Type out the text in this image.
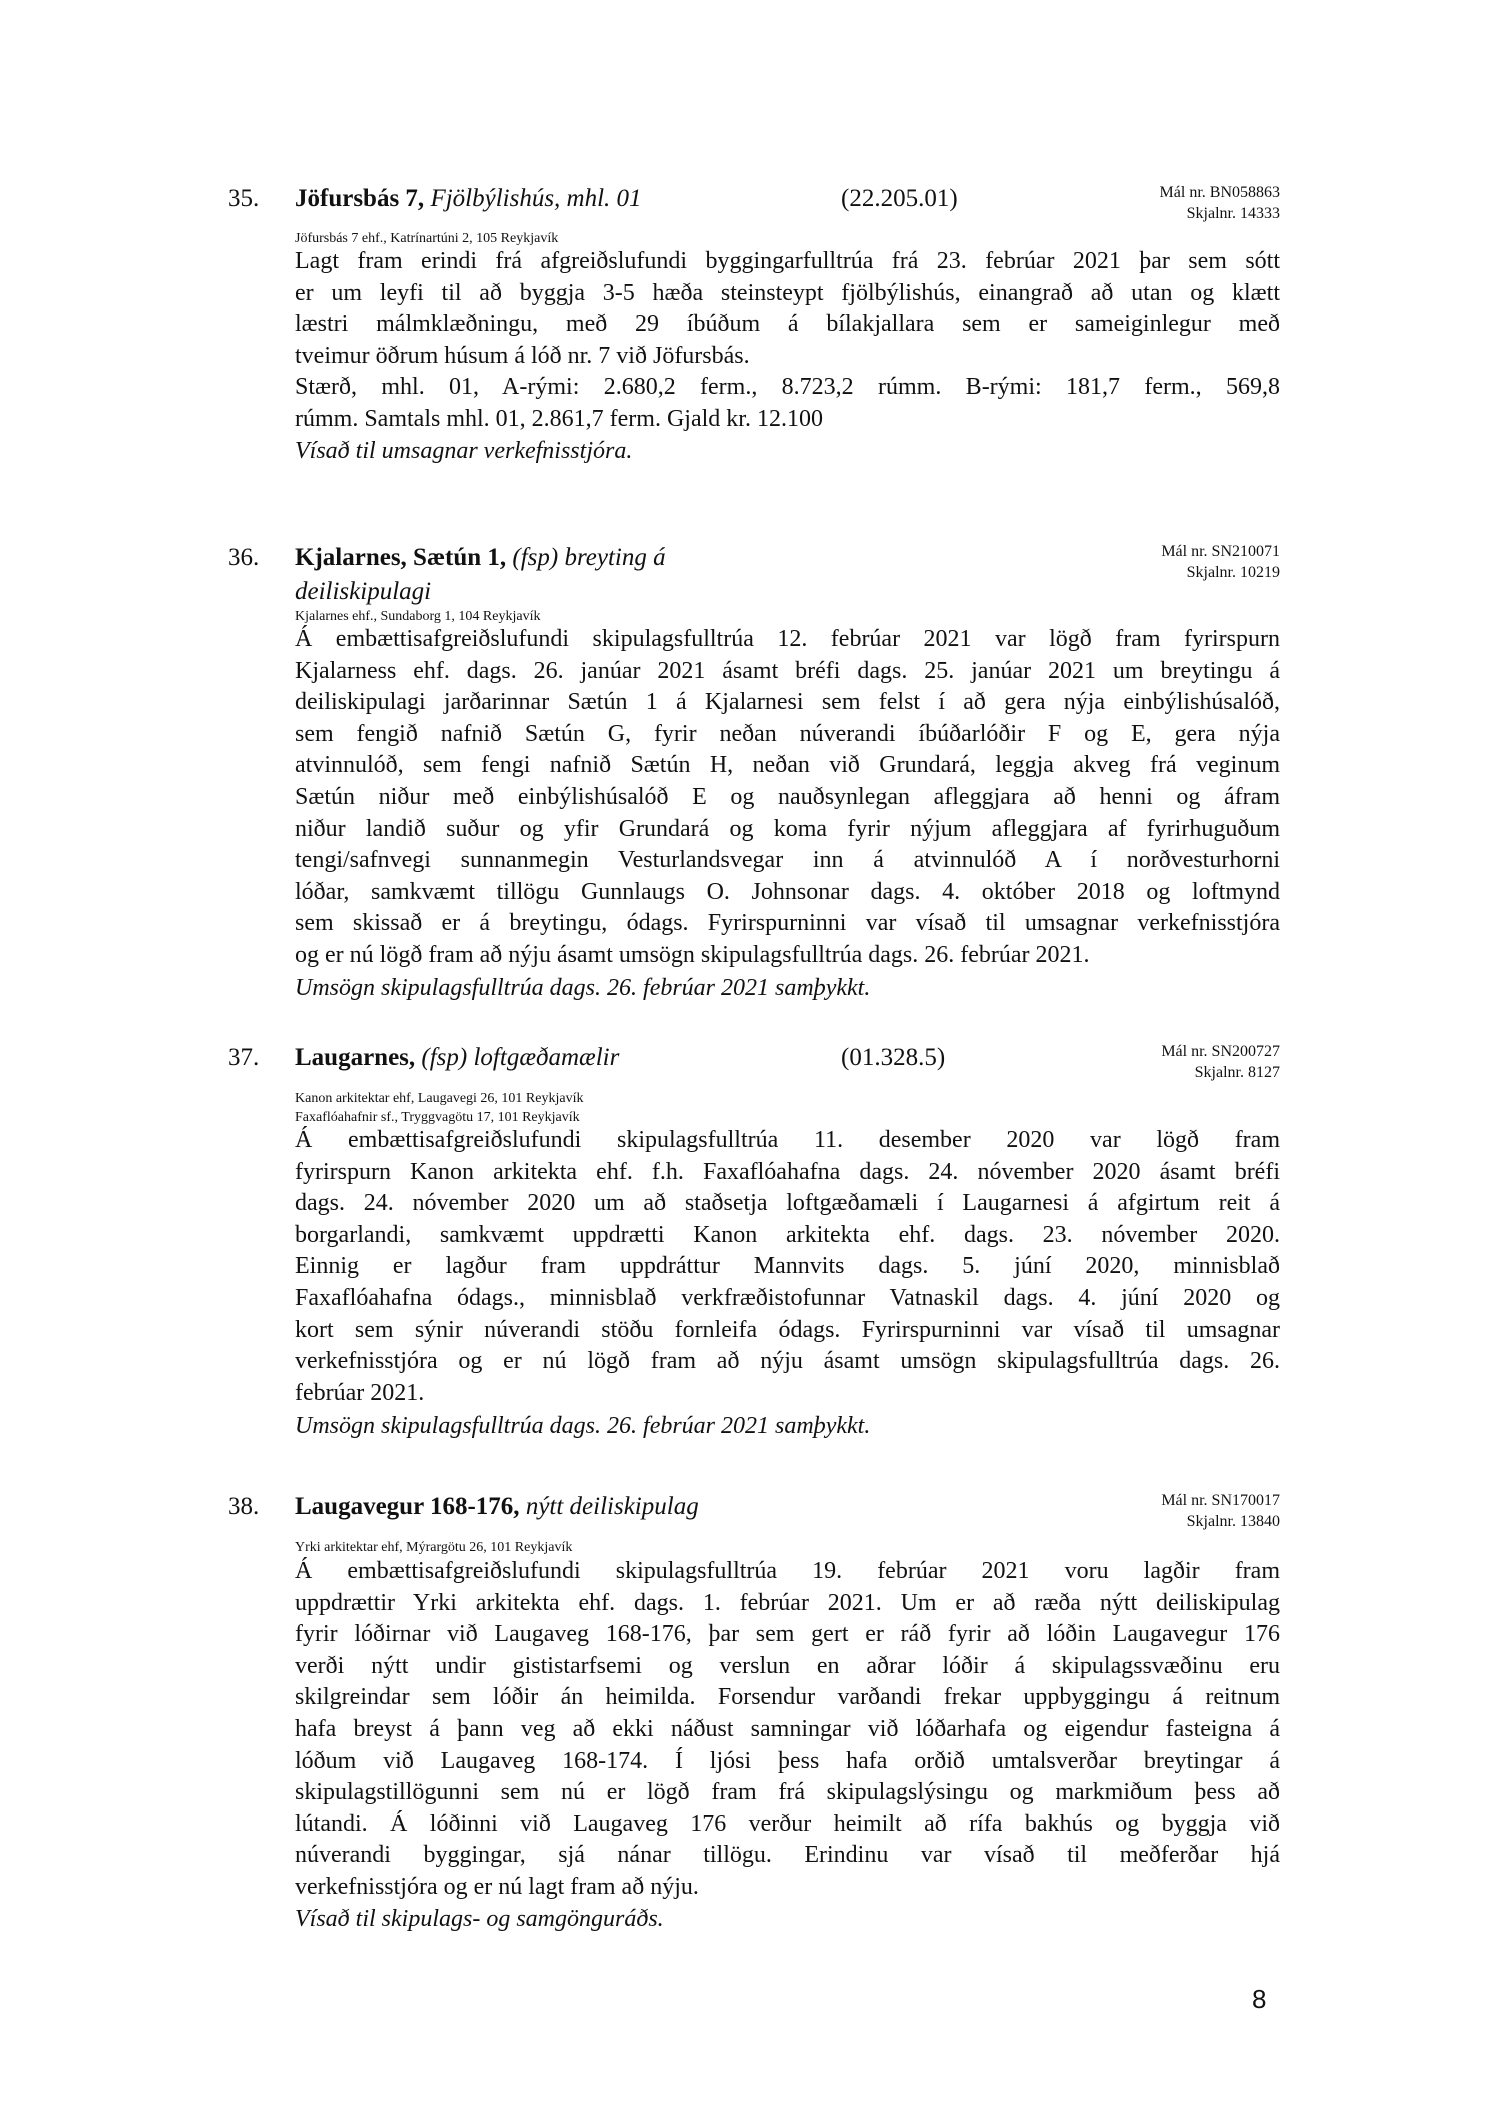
35. Jöfursbás 7, Fjölbýlishús, mhl. 01	(22.205.01)	Mál nr. BN058863
Skjalnr. 14333
Jöfursbás 7 ehf., Katrínartúni 2, 105 Reykjavík
Lagt fram erindi frá afgreiðslufundi byggingarfulltrúa frá 23. febrúar 2021 þar sem sótt
er um leyfi til að byggja 3-5 hæða steinsteypt fjölbýlishús, einangrað að utan og klætt
læstri málmklæðningu, með 29 íbúðum á bílakjallara sem er sameiginlegur með
tveimur öðrum húsum á lóð nr. 7 við Jöfursbás.
Stærð, mhl. 01, A-rými: 2.680,2 ferm., 8.723,2 rúmm. B-rými: 181,7 ferm., 569,8
rúmm. Samtals mhl. 01, 2.861,7 ferm. Gjald kr. 12.100
Vísað til umsagnar verkefnisstjóra.
36. Kjalarnes, Sætún 1, (fsp) breyting á
deiliskipulagi
Mál nr. SN210071
Skjalnr. 10219
Kjalarnes ehf., Sundaborg 1, 104 Reykjavík
Á embættisafgreiðslufundi skipulagsfulltrúa 12. febrúar 2021 var lögð fram fyrirspurn
Kjalarness ehf. dags. 26. janúar 2021 ásamt bréfi dags. 25. janúar 2021 um breytingu á
deiliskipulagi jarðarinnar Sætún 1 á Kjalarnesi sem felst í að gera nýja einbýlishúsalóð,
sem fengið nafnið Sætún G, fyrir neðan núverandi íbúðarlóðir F og E, gera nýja
atvinnulóð, sem fengi nafnið Sætún H, neðan við Grundará, leggja akveg frá veginum
Sætún niður með einbýlishúsalóð E og nauðsynlegan afleggjara að henni og áfram
niður landið suður og yfir Grundará og koma fyrir nýjum afleggjara af fyrirhuguðum
tengi/safnvegi sunnanmegin Vesturlandsvegar inn á atvinnulóð A í norðvesturhorni
lóðar, samkvæmt tillögu Gunnlaugs O. Johnsonar dags. 4. október 2018 og loftmynd
sem skissað er á breytingu, ódags. Fyrirspurninni var vísað til umsagnar verkefnisstjóra
og er nú lögð fram að nýju ásamt umsögn skipulagsfulltrúa dags. 26. febrúar 2021.
Umsögn skipulagsfulltrúa dags. 26. febrúar 2021 samþykkt.
37. Laugarnes, (fsp) loftgæðamælir	(01.328.5)	Mál nr. SN200727
Skjalnr. 8127
Kanon arkitektar ehf, Laugavegi 26, 101 Reykjavík
Faxaflóahafnir sf., Tryggvagötu 17, 101 Reykjavík
Á embættisafgreiðslufundi skipulagsfulltrúa 11. desember 2020 var lögð fram
fyrirspurn Kanon arkitekta ehf. f.h. Faxaflóahafna dags. 24. nóvember 2020 ásamt bréfi
dags. 24. nóvember 2020 um að staðsetja loftgæðamæli í Laugarnesi á afgirtum reit á
borgarlandi, samkvæmt uppdrætti Kanon arkitekta ehf. dags. 23. nóvember 2020.
Einnig er lagður fram uppdráttur Mannvits dags. 5. júní 2020, minnisblað
Faxaflóahafna ódags., minnisblað verkfræðistofunnar Vatnaskil dags. 4. júní 2020 og
kort sem sýnir núverandi stöðu fornleifa ódags. Fyrirspurninni var vísað til umsagnar
verkefnisstjóra og er nú lögð fram að nýju ásamt umsögn skipulagsfulltrúa dags. 26.
febrúar 2021.
Umsögn skipulagsfulltrúa dags. 26. febrúar 2021 samþykkt.
38. Laugavegur 168-176, nýtt deiliskipulag	Mál nr. SN170017
Skjalnr. 13840
Yrki arkitektar ehf, Mýrargötu 26, 101 Reykjavík
Á embættisafgreiðslufundi skipulagsfulltrúa 19. febrúar 2021 voru lagðir fram
uppdrættir Yrki arkitekta ehf. dags. 1. febrúar 2021. Um er að ræða nýtt deiliskipulag
fyrir lóðirnar við Laugaveg 168-176, þar sem gert er ráð fyrir að lóðin Laugavegur 176
verði nýtt undir gististarfsemi og verslun en aðrar lóðir á skipulagssvæðinu eru
skilgreindar sem lóðir án heimilda. Forsendur varðandi frekar uppbyggingu á reitnum
hafa breyst á þann veg að ekki náðust samningar við lóðarhafa og eigendur fasteigna á
lóðum við Laugaveg 168-174. Í ljósi þess hafa orðið umtalsverðar breytingar á
skipulagstillögunni sem nú er lögð fram frá skipulagslýsingu og markmiðum þess að
lútandi. Á lóðinni við Laugaveg 176 verður heimilt að rífa bakhús og byggja við
núverandi byggingar, sjá nánar tillögu. Erindinu var vísað til meðferðar hjá
verkefnisstjóra og er nú lagt fram að nýju.
Vísað til skipulags- og samgönguráðs.
8
